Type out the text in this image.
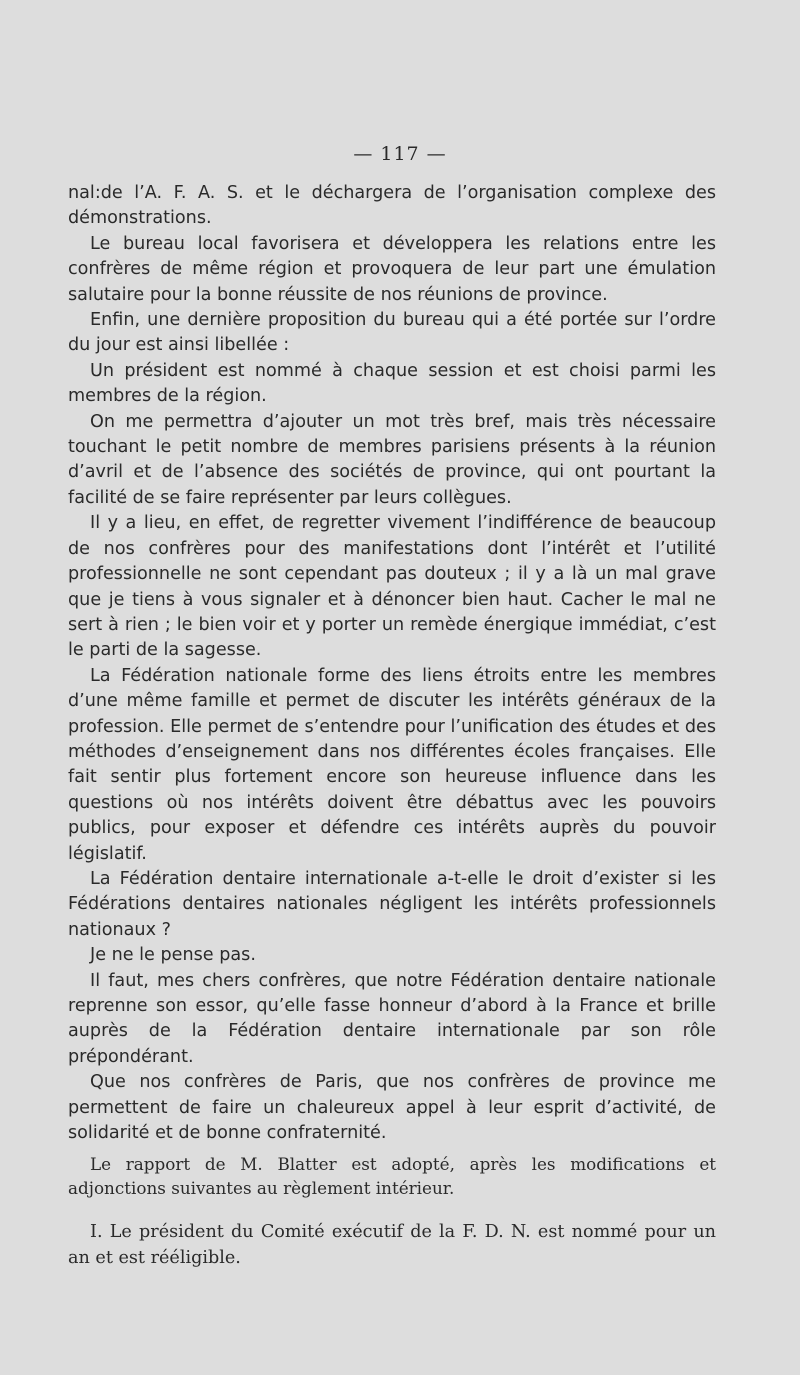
— 117 —

nal:de l’A. F. A. S. et le déchargera de l’organisation complexe des démonstrations.

Le bureau local favorisera et développera les relations entre les confrères de même région et provoquera de leur part une émulation salutaire pour la bonne réussite de nos réunions de province.

Enfin, une dernière proposition du bureau qui a été portée sur l’ordre du jour est ainsi libellée :

Un président est nommé à chaque session et est choisi parmi les membres de la région.

On me permettra d’ajouter un mot très bref, mais très nécessaire touchant le petit nombre de membres parisiens présents à la réunion d’avril et de l’absence des sociétés de province, qui ont pourtant la facilité de se faire représenter par leurs collègues.

Il y a lieu, en effet, de regretter vivement l’indifférence de beaucoup de nos confrères pour des manifestations dont l’intérêt et l’utilité professionnelle ne sont cependant pas douteux ; il y a là un mal grave que je tiens à vous signaler et à dénoncer bien haut. Cacher le mal ne sert à rien ; le bien voir et y porter un remède énergique immédiat, c’est le parti de la sagesse.

La Fédération nationale forme des liens étroits entre les membres d’une même famille et permet de discuter les intérêts généraux de la profession. Elle permet de s’entendre pour l’unification des études et des méthodes d’enseignement dans nos différentes écoles françaises. Elle fait sentir plus fortement encore son heureuse influence dans les questions où nos intérêts doivent être débattus avec les pouvoirs publics, pour exposer et défendre ces intérêts auprès du pouvoir législatif.

La Fédération dentaire internationale a-t-elle le droit d’exister si les Fédérations dentaires nationales négligent les intérêts professionnels nationaux ?

Je ne le pense pas.

Il faut, mes chers confrères, que notre Fédération dentaire nationale reprenne son essor, qu’elle fasse honneur d’abord à la France et brille auprès de la Fédération dentaire internationale par son rôle prépondérant.

Que nos confrères de Paris, que nos confrères de province me permettent de faire un chaleureux appel à leur esprit d’activité, de solidarité et de bonne confraternité.

Le rapport de M. Blatter est adopté, après les modifications et adjonctions suivantes au règlement intérieur.

I. Le président du Comité exécutif de la F. D. N. est nommé pour un an et est rééligible.
